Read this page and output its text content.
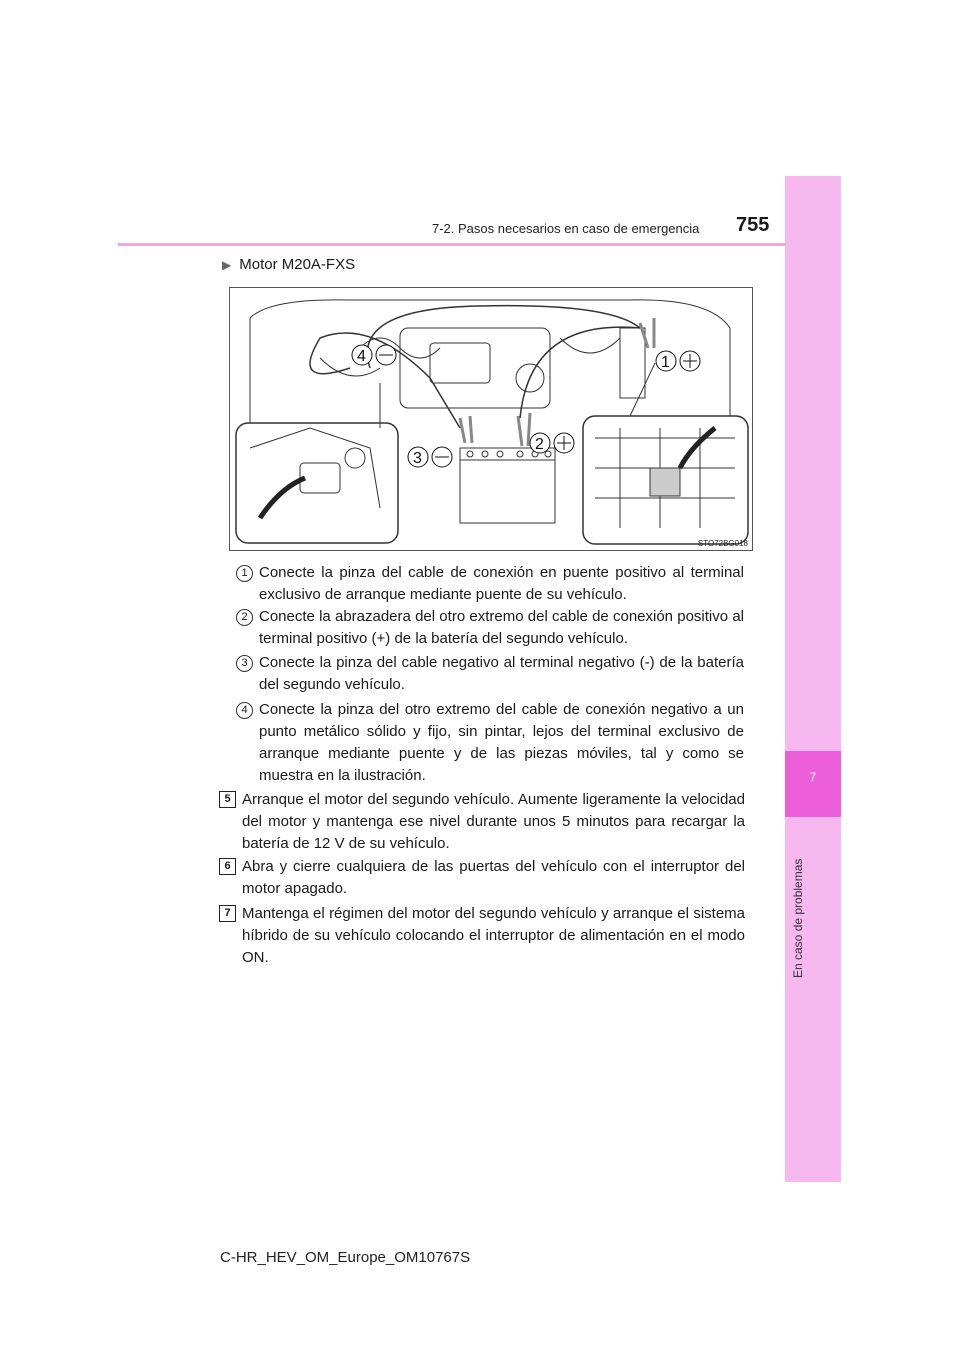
7
En caso de problemas
7-2. Pasos necesarios en caso de emergencia 755
▶ Motor M20A-FXS
4	1
2
3
STO72BG018
1 Conecte la pinza del cable de conexión en puente positivo al terminal exclusivo de arranque mediante puente de su vehículo.
2 Conecte la abrazadera del otro extremo del cable de conexión positivo al terminal positivo (+) de la batería del segundo vehículo.
3 Conecte la pinza del cable negativo al terminal negativo (-) de la batería del segundo vehículo.
4 Conecte la pinza del otro extremo del cable de conexión negativo a un punto metálico sólido y fijo, sin pintar, lejos del terminal exclusivo de arranque mediante puente y de las piezas móviles, tal y como se muestra en la ilustración.
5 Arranque el motor del segundo vehículo. Aumente ligeramente la velocidad del motor y mantenga ese nivel durante unos 5 minutos para recargar la batería de 12 V de su vehículo.
6 Abra y cierre cualquiera de las puertas del vehículo con el interruptor del motor apagado.
7 Mantenga el régimen del motor del segundo vehículo y arranque el sistema híbrido de su vehículo colocando el interruptor de alimentación en el modo ON.
C-HR_HEV_OM_Europe_OM10767S
